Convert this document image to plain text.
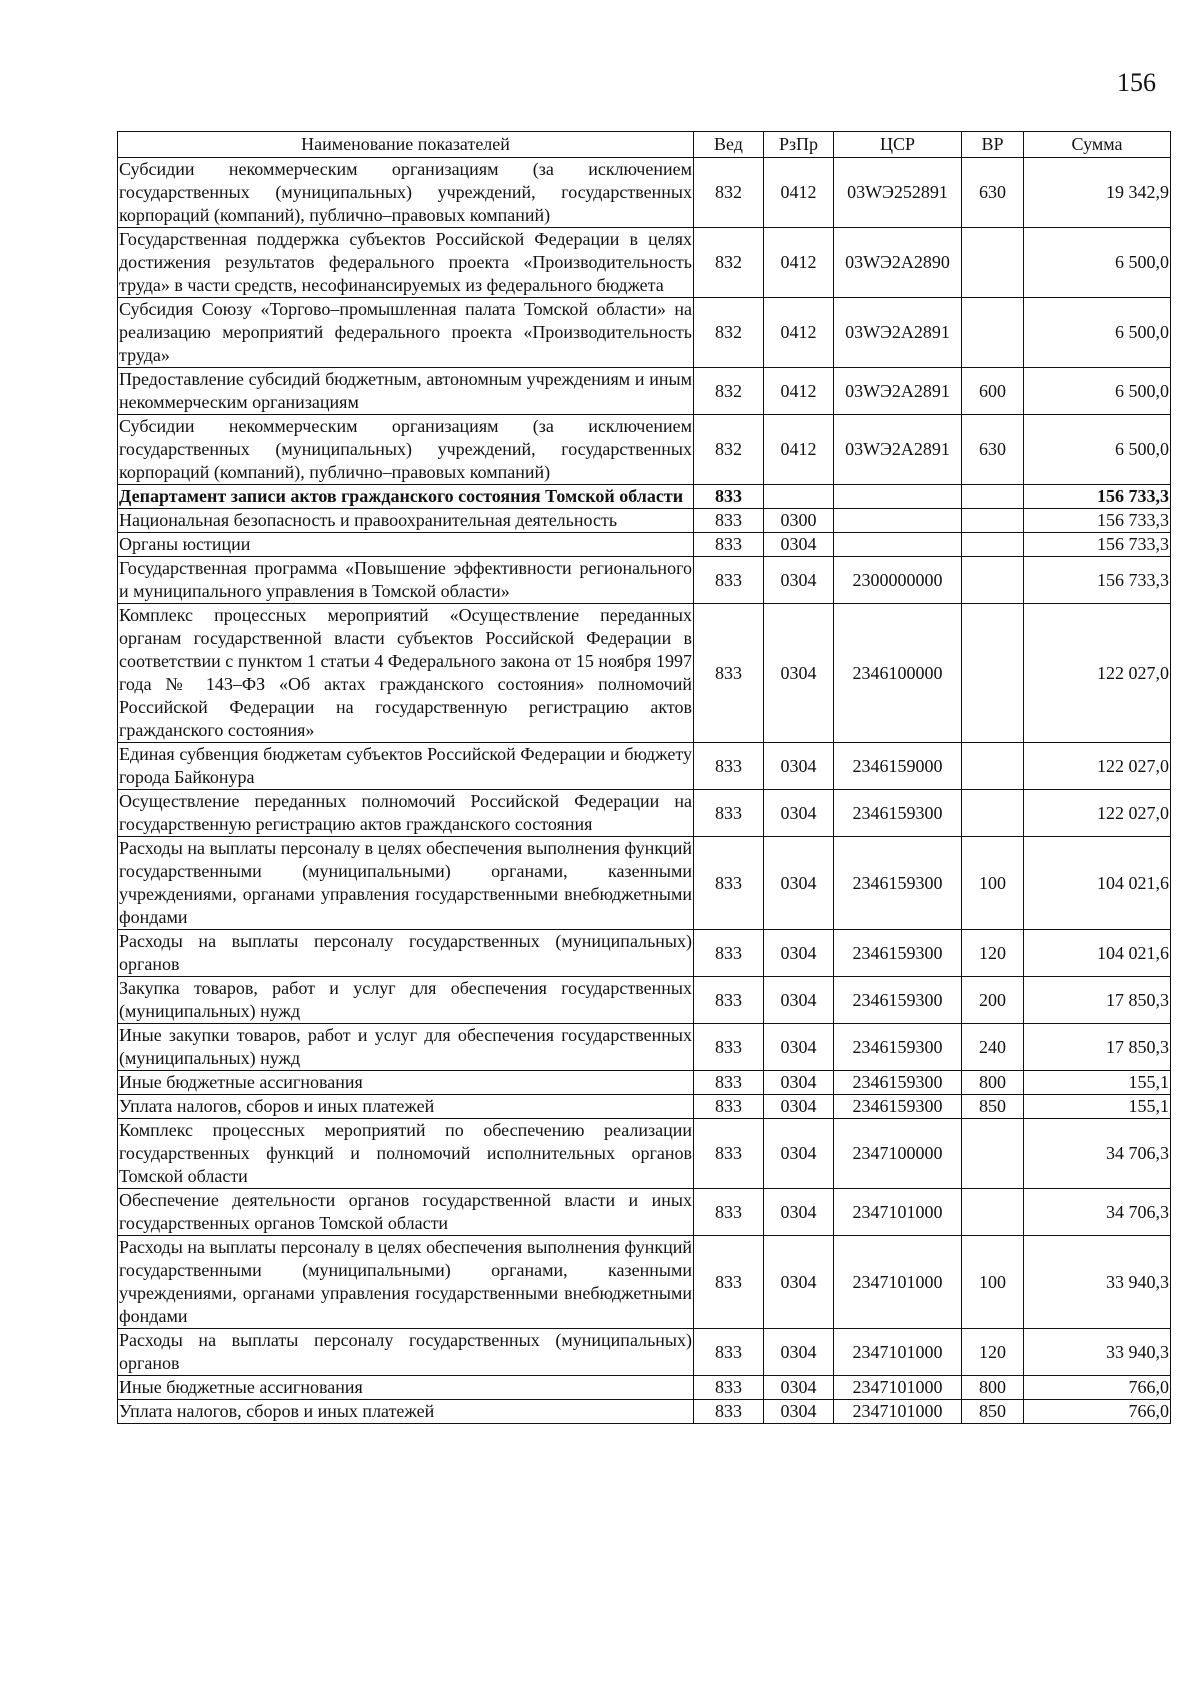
156
Наименование показателей	Вед	РзПр	ЦСР	ВР	Сумма
Субсидии некоммерческим организациям (за исключением государственных (муниципальных) учреждений, государственных корпораций (компаний), публично–правовых компаний)	832	0412	03WЭ252891	630	19 342,9
Государственная поддержка субъектов Российской Федерации в целях достижения результатов федерального проекта «Производительность труда» в части средств, несофинансируемых из федерального бюджета	832	0412	03WЭ2А2890		6 500,0
Субсидия Союзу «Торгово–промышленная палата Томской области» на реализацию мероприятий федерального проекта «Производительность труда»	832	0412	03WЭ2А2891		6 500,0
Предоставление субсидий бюджетным, автономным учреждениям и иным некоммерческим организациям	832	0412	03WЭ2А2891	600	6 500,0
Субсидии некоммерческим организациям (за исключением государственных (муниципальных) учреждений, государственных корпораций (компаний), публично–правовых компаний)	832	0412	03WЭ2А2891	630	6 500,0
Департамент записи актов гражданского состояния Томской области	833				156 733,3
Национальная безопасность и правоохранительная деятельность	833	0300			156 733,3
Органы юстиции	833	0304			156 733,3
Государственная программа «Повышение эффективности регионального и муниципального управления в Томской области»	833	0304	2300000000		156 733,3
Комплекс процессных мероприятий «Осуществление переданных органам государственной власти субъектов Российской Федерации в соответствии с пунктом 1 статьи 4 Федерального закона от 15 ноября 1997 года № 143–ФЗ «Об актах гражданского состояния» полномочий Российской Федерации на государственную регистрацию актов гражданского состояния»	833	0304	2346100000		122 027,0
Единая субвенция бюджетам субъектов Российской Федерации и бюджету города Байконура	833	0304	2346159000		122 027,0
Осуществление переданных полномочий Российской Федерации на государственную регистрацию актов гражданского состояния	833	0304	2346159300		122 027,0
Расходы на выплаты персоналу в целях обеспечения выполнения функций государственными (муниципальными) органами, казенными учреждениями, органами управления государственными внебюджетными фондами	833	0304	2346159300	100	104 021,6
Расходы на выплаты персоналу государственных (муниципальных) органов	833	0304	2346159300	120	104 021,6
Закупка товаров, работ и услуг для обеспечения государственных (муниципальных) нужд	833	0304	2346159300	200	17 850,3
Иные закупки товаров, работ и услуг для обеспечения государственных (муниципальных) нужд	833	0304	2346159300	240	17 850,3
Иные бюджетные ассигнования	833	0304	2346159300	800	155,1
Уплата налогов, сборов и иных платежей	833	0304	2346159300	850	155,1
Комплекс процессных мероприятий по обеспечению реализации государственных функций и полномочий исполнительных органов Томской области	833	0304	2347100000		34 706,3
Обеспечение деятельности органов государственной власти и иных государственных органов Томской области	833	0304	2347101000		34 706,3
Расходы на выплаты персоналу в целях обеспечения выполнения функций государственными (муниципальными) органами, казенными учреждениями, органами управления государственными внебюджетными фондами	833	0304	2347101000	100	33 940,3
Расходы на выплаты персоналу государственных (муниципальных) органов	833	0304	2347101000	120	33 940,3
Иные бюджетные ассигнования	833	0304	2347101000	800	766,0
Уплата налогов, сборов и иных платежей	833	0304	2347101000	850	766,0
